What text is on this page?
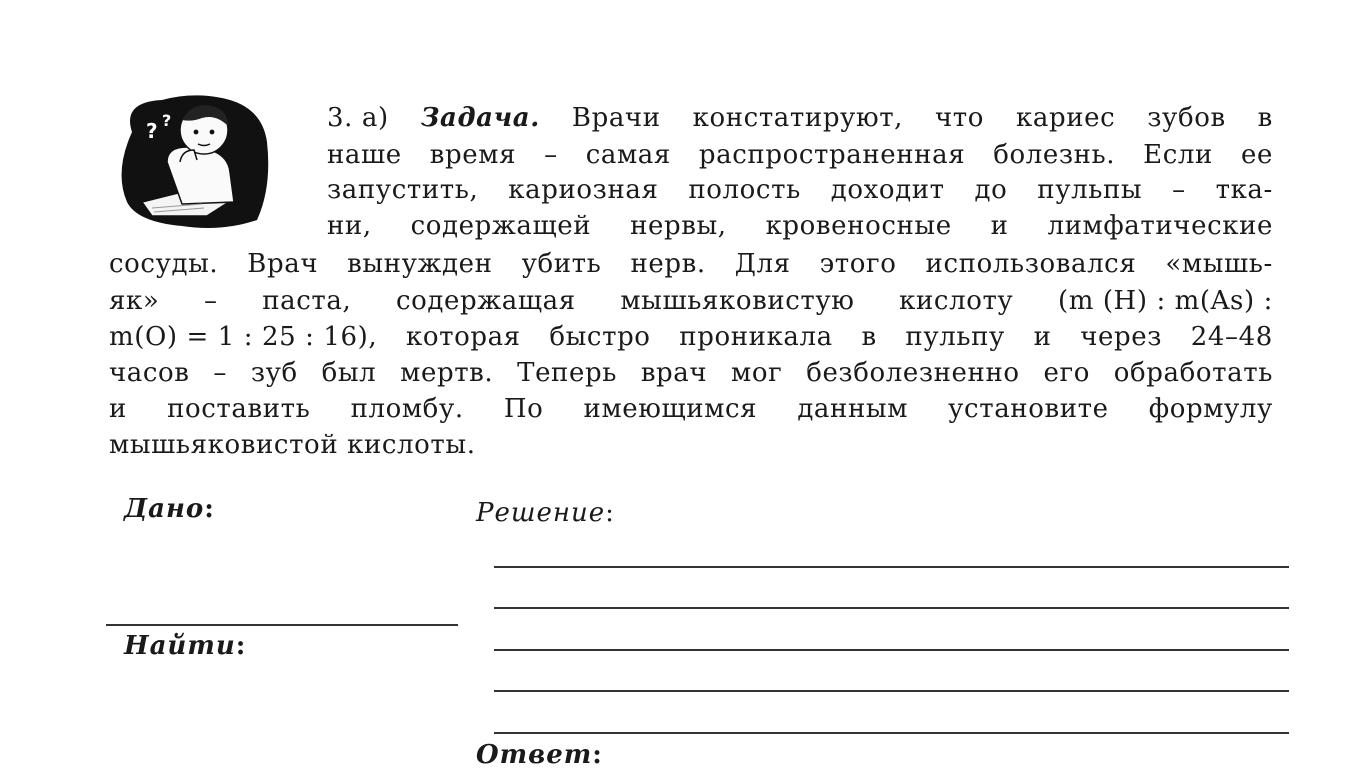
? ?	3. а) Задача. Врачи констатируют, что кариес зубов в
наше время – самая распространенная болезнь. Если ее
запустить, кариозная полость доходит до пульпы – тка-
ни, содержащей нервы, кровеносные и лимфатические
сосуды. Врач вынужден убить нерв. Для этого использовался «мышь-
як» – паста, содержащая мышьяковистую кислоту (m (H) : m(As) :
m(O) = 1 : 25 : 16), которая быстро проникала в пульпу и через 24–48
часов – зуб был мертв. Теперь врач мог безболезненно его обработать
и поставить пломбу. По имеющимся данным установите формулу
мышьяковистой кислоты.
Дано:
Найти:
Решение:
Ответ:
